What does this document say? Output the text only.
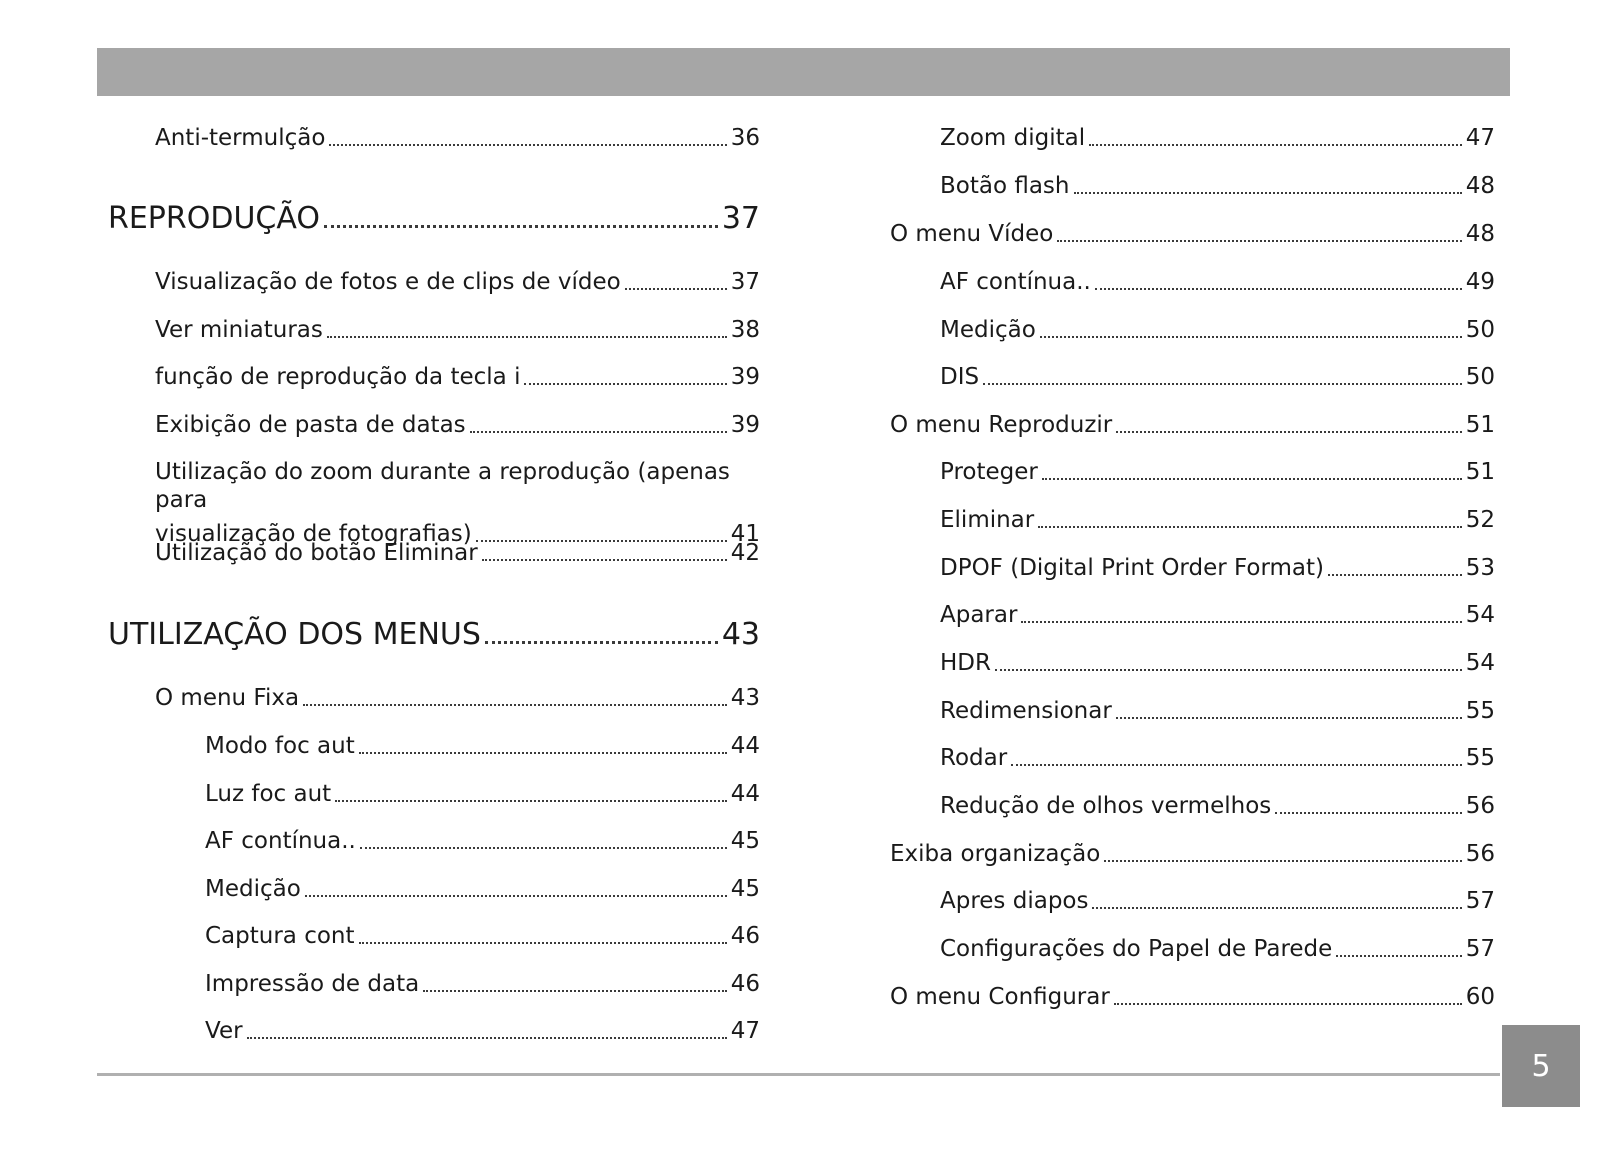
Anti-termulção	36
REPRODUÇÃO	37
Visualização de fotos e de clips de vídeo	37
Ver miniaturas	38
função de reprodução da tecla i	39
Exibição de pasta de datas	39
Utilização do zoom durante a reprodução (apenas para
visualização de fotografias)	41
Utilização do botão Eliminar	42
UTILIZAÇÃO DOS MENUS	43
O menu Fixa	43
Modo foc aut	44
Luz foc aut	44
AF contínua..	45
Medição	45
Captura cont	46
Impressão de data	46
Ver	47
Zoom digital	47
Botão flash	48
O menu Vídeo	48
AF contínua..	49
Medição	50
DIS	50
O menu Reproduzir	51
Proteger	51
Eliminar	52
DPOF (Digital Print Order Format)	53
Aparar	54
HDR	54
Redimensionar	55
Rodar	55
Redução de olhos vermelhos	56
Exiba organização	56
Apres diapos	57
Configurações do Papel de Parede	57
O menu Configurar	60
5
